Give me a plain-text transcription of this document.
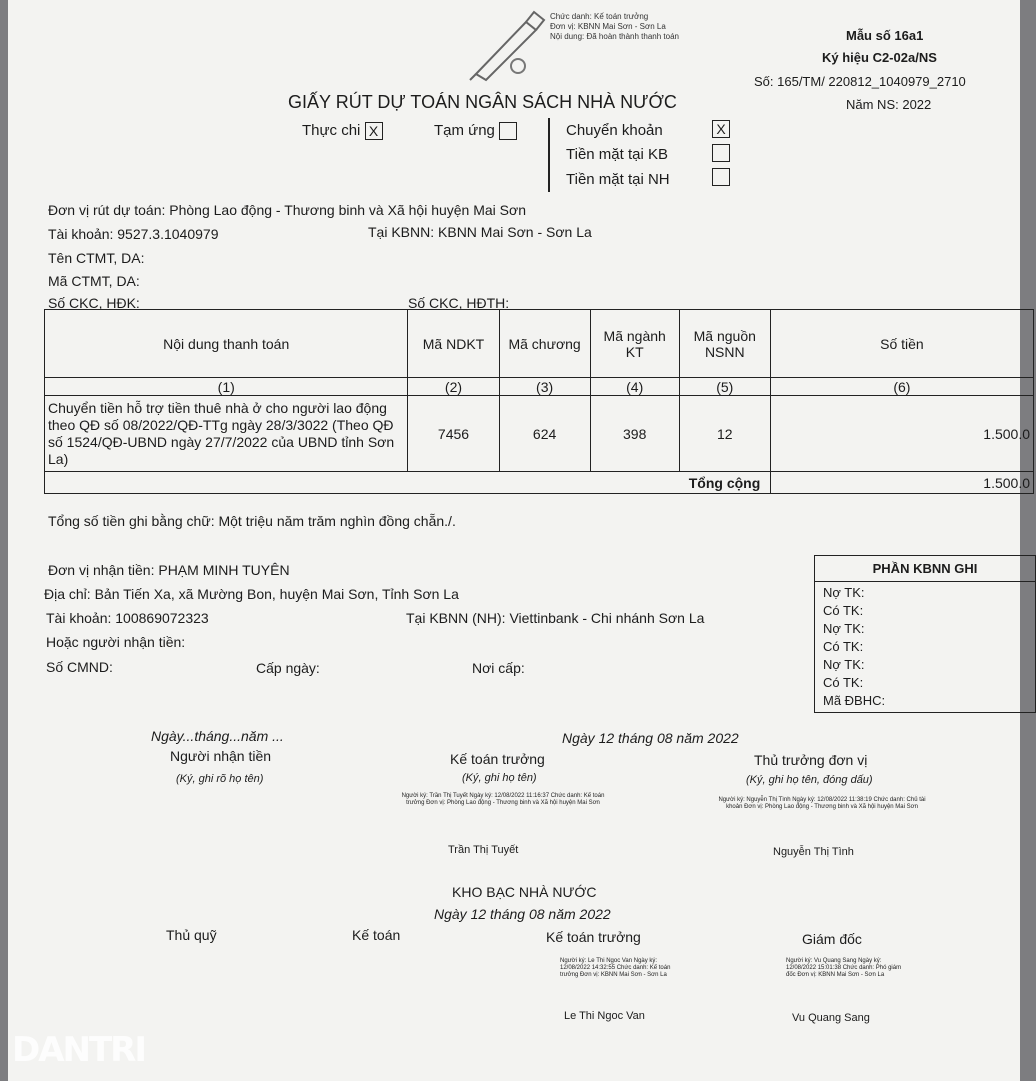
Chức danh: Kế toán trưởng
Đơn vị: KBNN Mai Sơn - Sơn La
Nội dung: Đã hoàn thành thanh toán	Mẫu số 16a1
Ký hiệu C2-02a/NS
Số: 165/TM/ 220812_1040979_2710
Năm NS: 2022
GIẤY RÚT DỰ TOÁN NGÂN SÁCH NHÀ NƯỚC
Thực chi X	Tạm ứng	Chuyển khoản	X
Tiền mặt tại KB
Tiền mặt tại NH
Đơn vị rút dự toán: Phòng Lao động - Thương binh và Xã hội huyện Mai Sơn
Tài khoản: 9527.3.1040979	Tại KBNN: KBNN Mai Sơn - Sơn La
Tên CTMT, DA:
Mã CTMT, DA:
Số CKC, HĐK:	Số CKC, HĐTH:
Nội dung thanh toán	Mã NDKT	Mã chương	Mã ngành KT	Mã nguồn NSNN	Số tiền
(1)	(2)	(3)	(4)	(5)	(6)
Chuyển tiền hỗ trợ tiền thuê nhà ở cho người lao động theo QĐ số 08/2022/QĐ-TTg ngày 28/3/3022 (Theo QĐ số 1524/QĐ-UBND ngày 27/7/2022 của UBND tỉnh Sơn La)	7456	624	398	12	1.500.0
				Tổng cộng	1.500.0
Tổng số tiền ghi bằng chữ: Một triệu năm trăm nghìn đồng chẵn./.
Đơn vị nhận tiền: PHẠM MINH TUYÊN
Địa chỉ: Bản Tiến Xa, xã Mường Bon, huyện Mai Sơn, Tỉnh Sơn La
Tài khoản: 100869072323	Tại KBNN (NH): Viettinbank - Chi nhánh Sơn La
Hoặc người nhận tiền:
Số CMND:	Cấp ngày:	Nơi cấp:
PHẦN KBNN GHI
Nợ TK:
Có TK:
Nợ TK:
Có TK:
Nợ TK:
Có TK:
Mã ĐBHC:
Ngày...tháng...năm ...
Người nhận tiền
(Ký, ghi rõ họ tên)
Ngày 12 tháng 08 năm 2022
Kế toán trưởng
(Ký, ghi họ tên)
Người ký: Trần Thị Tuyết Ngày ký: 12/08/2022 11:16:37 Chức danh: Kế toán trưởng Đơn vị: Phòng Lao động - Thương binh và Xã hội huyện Mai Sơn
Trần Thị Tuyết
Thủ trưởng đơn vị
(Ký, ghi họ tên, đóng dấu)
Người ký: Nguyễn Thị Tình Ngày ký: 12/08/2022 11:38:19 Chức danh: Chủ tài khoản Đơn vị: Phòng Lao động - Thương binh và Xã hội huyện Mai Sơn
Nguyễn Thị Tình
KHO BẠC NHÀ NƯỚC
Ngày 12 tháng 08 năm 2022
Thủ quỹ	Kế toán	Kế toán trưởng	Giám đốc
Người ký: Le Thi Ngoc Van Ngày ký: 12/08/2022 14:32:55 Chức danh: Kế toán trưởng Đơn vị: KBNN Mai Sơn - Sơn La
Người ký: Vu Quang Sang Ngày ký: 12/08/2022 15:01:38 Chức danh: Phó giám đốc Đơn vị: KBNN Mai Sơn - Sơn La
Le Thi Ngoc Van	Vu Quang Sang
DANTRI
